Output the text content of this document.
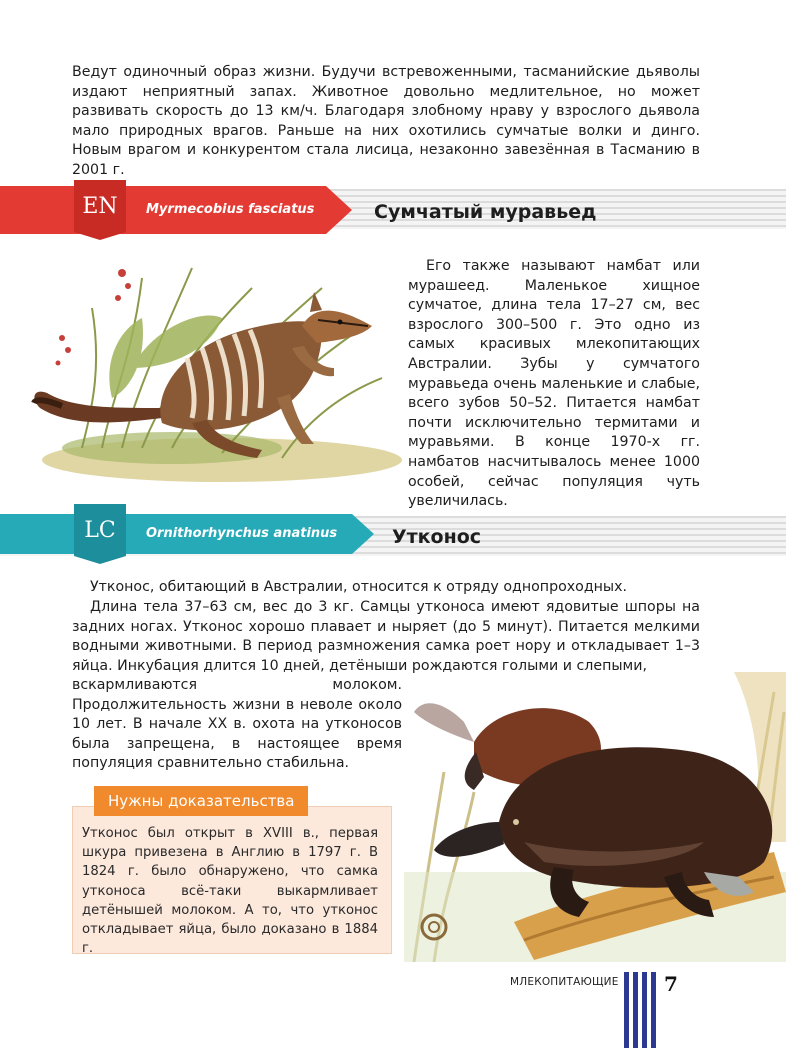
Ведут одиночный образ жизни. Будучи встревоженными, тасманийские дьяволы издают неприятный запах. Животное довольно медлительное, но может развивать скорость до 13 км/ч. Благодаря злобному нраву у взрослого дьявола мало природных врагов. Раньше на них охотились сумчатые волки и динго. Новым врагом и конкурентом стала лисица, незаконно завезённая в Тасманию в 2001 г.

EN Myrmecobius fasciatus	Сумчатый муравьед

Его также называют намбат или мурашеед. Маленькое хищное сумчатое, длина тела 17–27 см, вес взрослого 300–500 г. Это одно из самых красивых млекопитающих Австралии. Зубы у сумчатого муравьеда очень маленькие и слабые, всего зубов 50–52. Питается намбат почти исключительно термитами и муравьями. В конце 1970-х гг. намбатов насчитывалось менее 1000 особей, сейчас популяция чуть увеличилась.

LC Ornithorhynchus anatinus	Утконос

Утконос, обитающий в Австралии, относится к отряду однопроходных.

Длина тела 37–63 см, вес до 3 кг. Самцы утконоса имеют ядовитые шпоры на задних ногах. Утконос хорошо плавает и ныряет (до 5 минут). Питается мелкими водными животными. В период размножения самка роет нору и откладывает 1–3 яйца. Инкубация длится 10 дней, детёныши рождаются голыми и слепыми,

вскармливаются молоком. Продолжительность жизни в неволе около 10 лет. В начале XX в. охота на утконосов была запрещена, в настоящее время популяция сравнительно стабильна.

Нужны доказательства

Утконос был открыт в XVIII в., первая шкура привезена в Англию в 1797 г. В 1824 г. было обнаружено, что самка утконоса всё-таки выкармливает детёнышей молоком. А то, что утконос откладывает яйца, было доказано в 1884 г.

МЛЕКОПИТАЮЩИЕ 7
